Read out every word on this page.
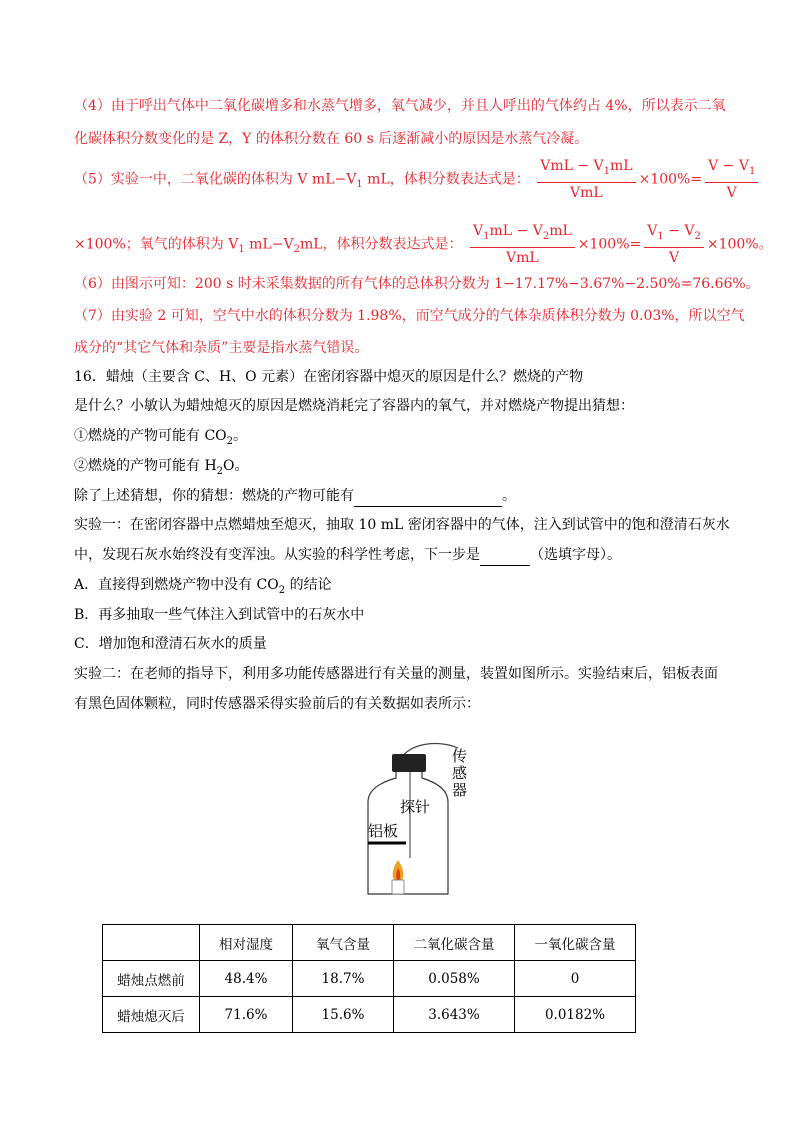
（4）由于呼出气体中二氧化碳增多和水蒸气增多，氧气减少，并且人呼出的气体约占 4%，所以表示二氧
化碳体积分数变化的是 Z，Y 的体积分数在 60 s 后逐渐减小的原因是水蒸气冷凝。
（5）实验一中，二氧化碳的体积为 V $mL-V_1$ mL，体积分数表达式是： $\frac{VmL - V_1mL}{\text{VmL}} \times 100\%= \frac{V - V_1}{V}$
×100%；氧气的体积为 $V_1$ $mL-V_2mL$，体积分数表达式是： $\frac{V_1mL - V_2mL}{\text{VmL}} \times 100\%= \frac{V_1 - V_2}{V} \times 100\%$。
（6）由图示可知：200 s 时未采集数据的所有气体的总体积分数为 1−17.17%−3.67%−2.50%=76.66%。
（7）由实验 2 可知，空气中水的体积分数为 1.98%，而空气成分的气体杂质体积分数为 0.03%，所以空气
成分的“其它气体和杂质”主要是指水蒸气错误。
16．蜡烛（主要含 C、H、O 元素）在密闭容器中熄灭的原因是什么？燃烧的产物
是什么？小敏认为蜡烛熄灭的原因是燃烧消耗完了容器内的氧气，并对燃烧产物提出猜想：
①燃烧的产物可能有 $CO_2$。
②燃烧的产物可能有 $H_2O$。
除了上述猜想，你的猜想：燃烧的产物可能有	。
实验一：在密闭容器中点燃蜡烛至熄灭，抽取 10 mL 密闭容器中的气体，注入到试管中的饱和澄清石灰水
中，发现石灰水始终没有变浑浊。从实验的科学性考虑，下一步是	（选填字母）。
A．直接得到燃烧产物中没有 $CO_2$ 的结论
B．再多抽取一些气体注入到试管中的石灰水中
C．增加饱和澄清石灰水的质量
实验二：在老师的指导下，利用多功能传感器进行有关量的测量，装置如图所示。实验结束后，铝板表面
有黑色固体颗粒，同时传感器采得实验前后的有关数据如表所示：
传感器
探针
铝板
	相对湿度	氧气含量	二氧化碳含量	一氧化碳含量
蜡烛点燃前	48.4%	18.7%	0.058%	0
蜡烛熄灭后	71.6%	15.6%	3.643%	0.0182%
